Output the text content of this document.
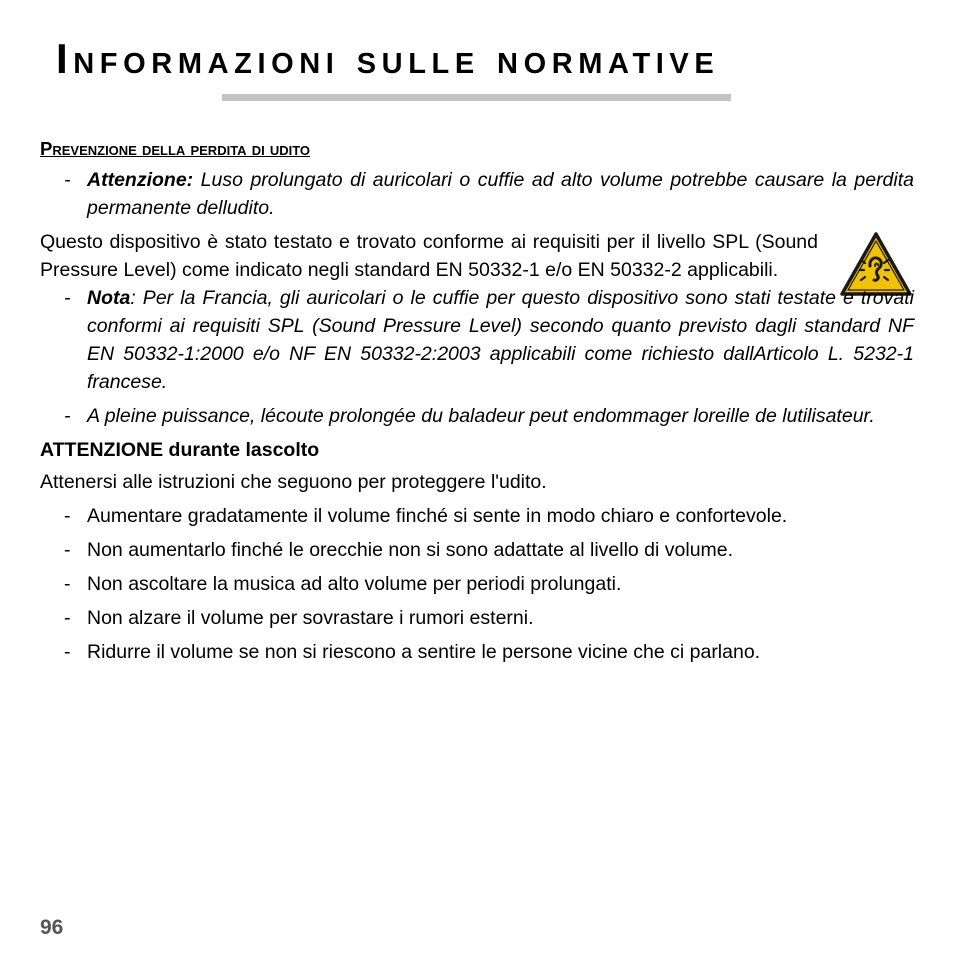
Informazioni sulle normative
Prevenzione della perdita di udito

- Attenzione: Luso prolungato di auricolari o cuffie ad alto volume potrebbe causare la perdita permanente delludito.

Questo dispositivo è stato testato e trovato conforme ai requisiti per il livello SPL (Sound Pressure Level) come indicato negli standard EN 50332-1 e/o EN 50332-2 applicabili.

- Nota: Per la Francia, gli auricolari o le cuffie per questo dispositivo sono stati testate e trovati conformi ai requisiti SPL (Sound Pressure Level) secondo quanto previsto dagli standard NF EN 50332-1:2000 e/o NF EN 50332-2:2003 applicabili come richiesto dallArticolo L. 5232-1 francese.

- A pleine puissance, lécoute prolongée du baladeur peut endommager loreille de lutilisateur.

ATTENZIONE durante lascolto

Attenersi alle istruzioni che seguono per proteggere l'udito.

- Aumentare gradatamente il volume finché si sente in modo chiaro e confortevole.

- Non aumentarlo finché le orecchie non si sono adattate al livello di volume.

- Non ascoltare la musica ad alto volume per periodi prolungati.

- Non alzare il volume per sovrastare i rumori esterni.

- Ridurre il volume se non si riescono a sentire le persone vicine che ci parlano.

96
